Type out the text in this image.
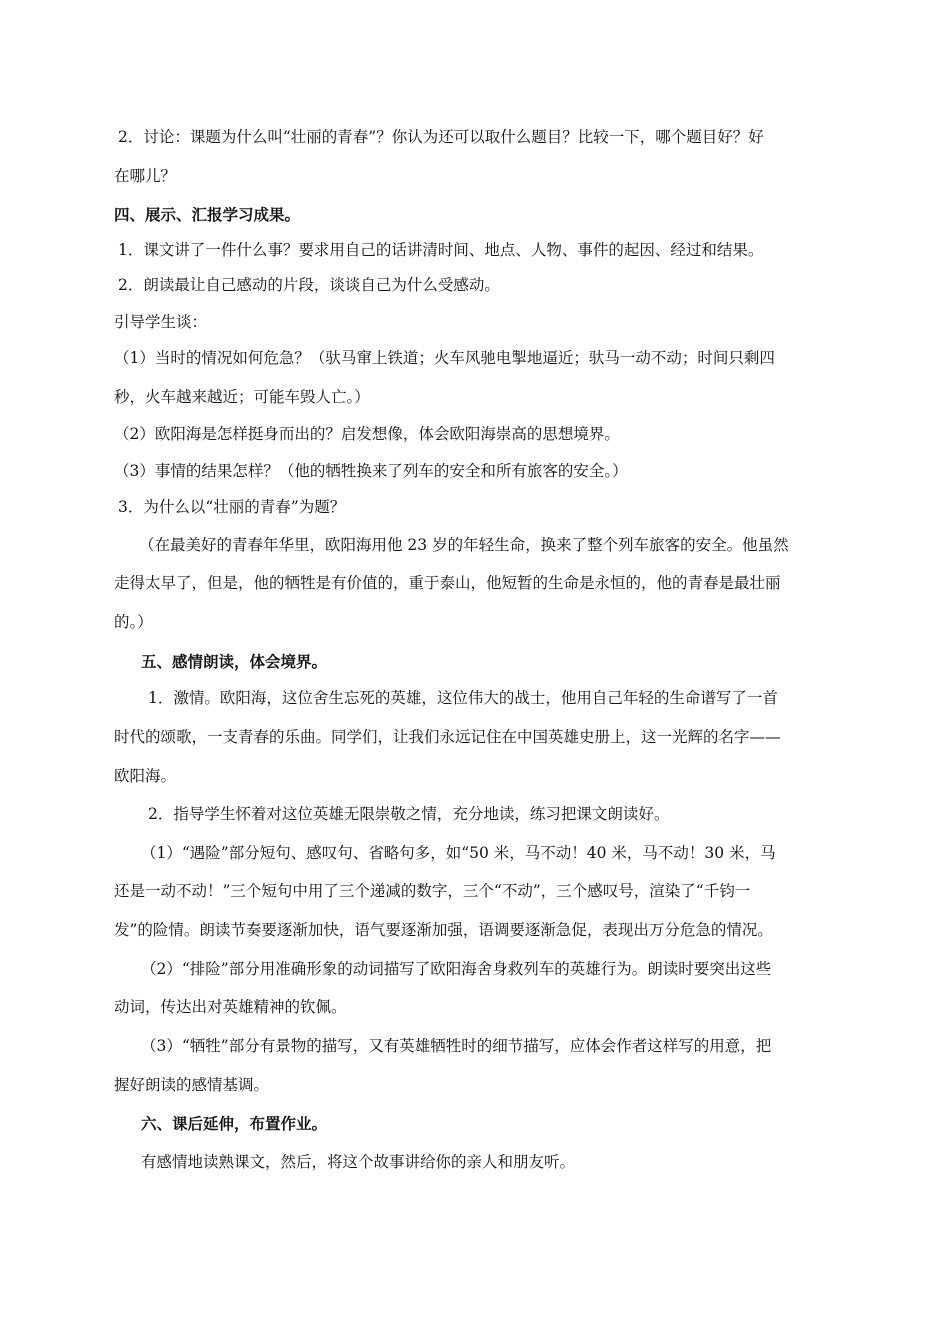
2．讨论：课题为什么叫“壮丽的青春”？你认为还可以取什么题目？比较一下，哪个题目好？好
在哪儿？
四、展示、汇报学习成果。
1．课文讲了一件什么事？要求用自己的话讲清时间、地点、人物、事件的起因、经过和结果。
2．朗读最让自己感动的片段，谈谈自己为什么受感动。
引导学生谈：
（1）当时的情况如何危急？（驮马窜上铁道；火车风驰电掣地逼近；驮马一动不动；时间只剩四
秒，火车越来越近；可能车毁人亡。）
（2）欧阳海是怎样挺身而出的？启发想像，体会欧阳海崇高的思想境界。
（3）事情的结果怎样？（他的牺牲换来了列车的安全和所有旅客的安全。）
3．为什么以“壮丽的青春”为题？
（在最美好的青春年华里，欧阳海用他 23 岁的年轻生命，换来了整个列车旅客的安全。他虽然
走得太早了，但是，他的牺牲是有价值的，重于泰山，他短暂的生命是永恒的，他的青春是最壮丽
的。）
五、感情朗读，体会境界。
1．激情。欧阳海，这位舍生忘死的英雄，这位伟大的战士，他用自己年轻的生命谱写了一首
时代的颂歌，一支青春的乐曲。同学们，让我们永远记住在中国英雄史册上，这一光辉的名字——
欧阳海。
2．指导学生怀着对这位英雄无限崇敬之情，充分地读，练习把课文朗读好。
（1）“遇险”部分短句、感叹句、省略句多，如“50 米，马不动！40 米，马不动！30 米，马
还是一动不动！”三个短句中用了三个递减的数字，三个“不动”，三个感叹号，渲染了“千钧一
发”的险情。朗读节奏要逐渐加快，语气要逐渐加强，语调要逐渐急促，表现出万分危急的情况。
（2）“排险”部分用准确形象的动词描写了欧阳海舍身救列车的英雄行为。朗读时要突出这些
动词，传达出对英雄精神的钦佩。
（3）“牺牲”部分有景物的描写，又有英雄牺牲时的细节描写，应体会作者这样写的用意，把
握好朗读的感情基调。
六、课后延伸，布置作业。
有感情地读熟课文，然后，将这个故事讲给你的亲人和朋友听。
